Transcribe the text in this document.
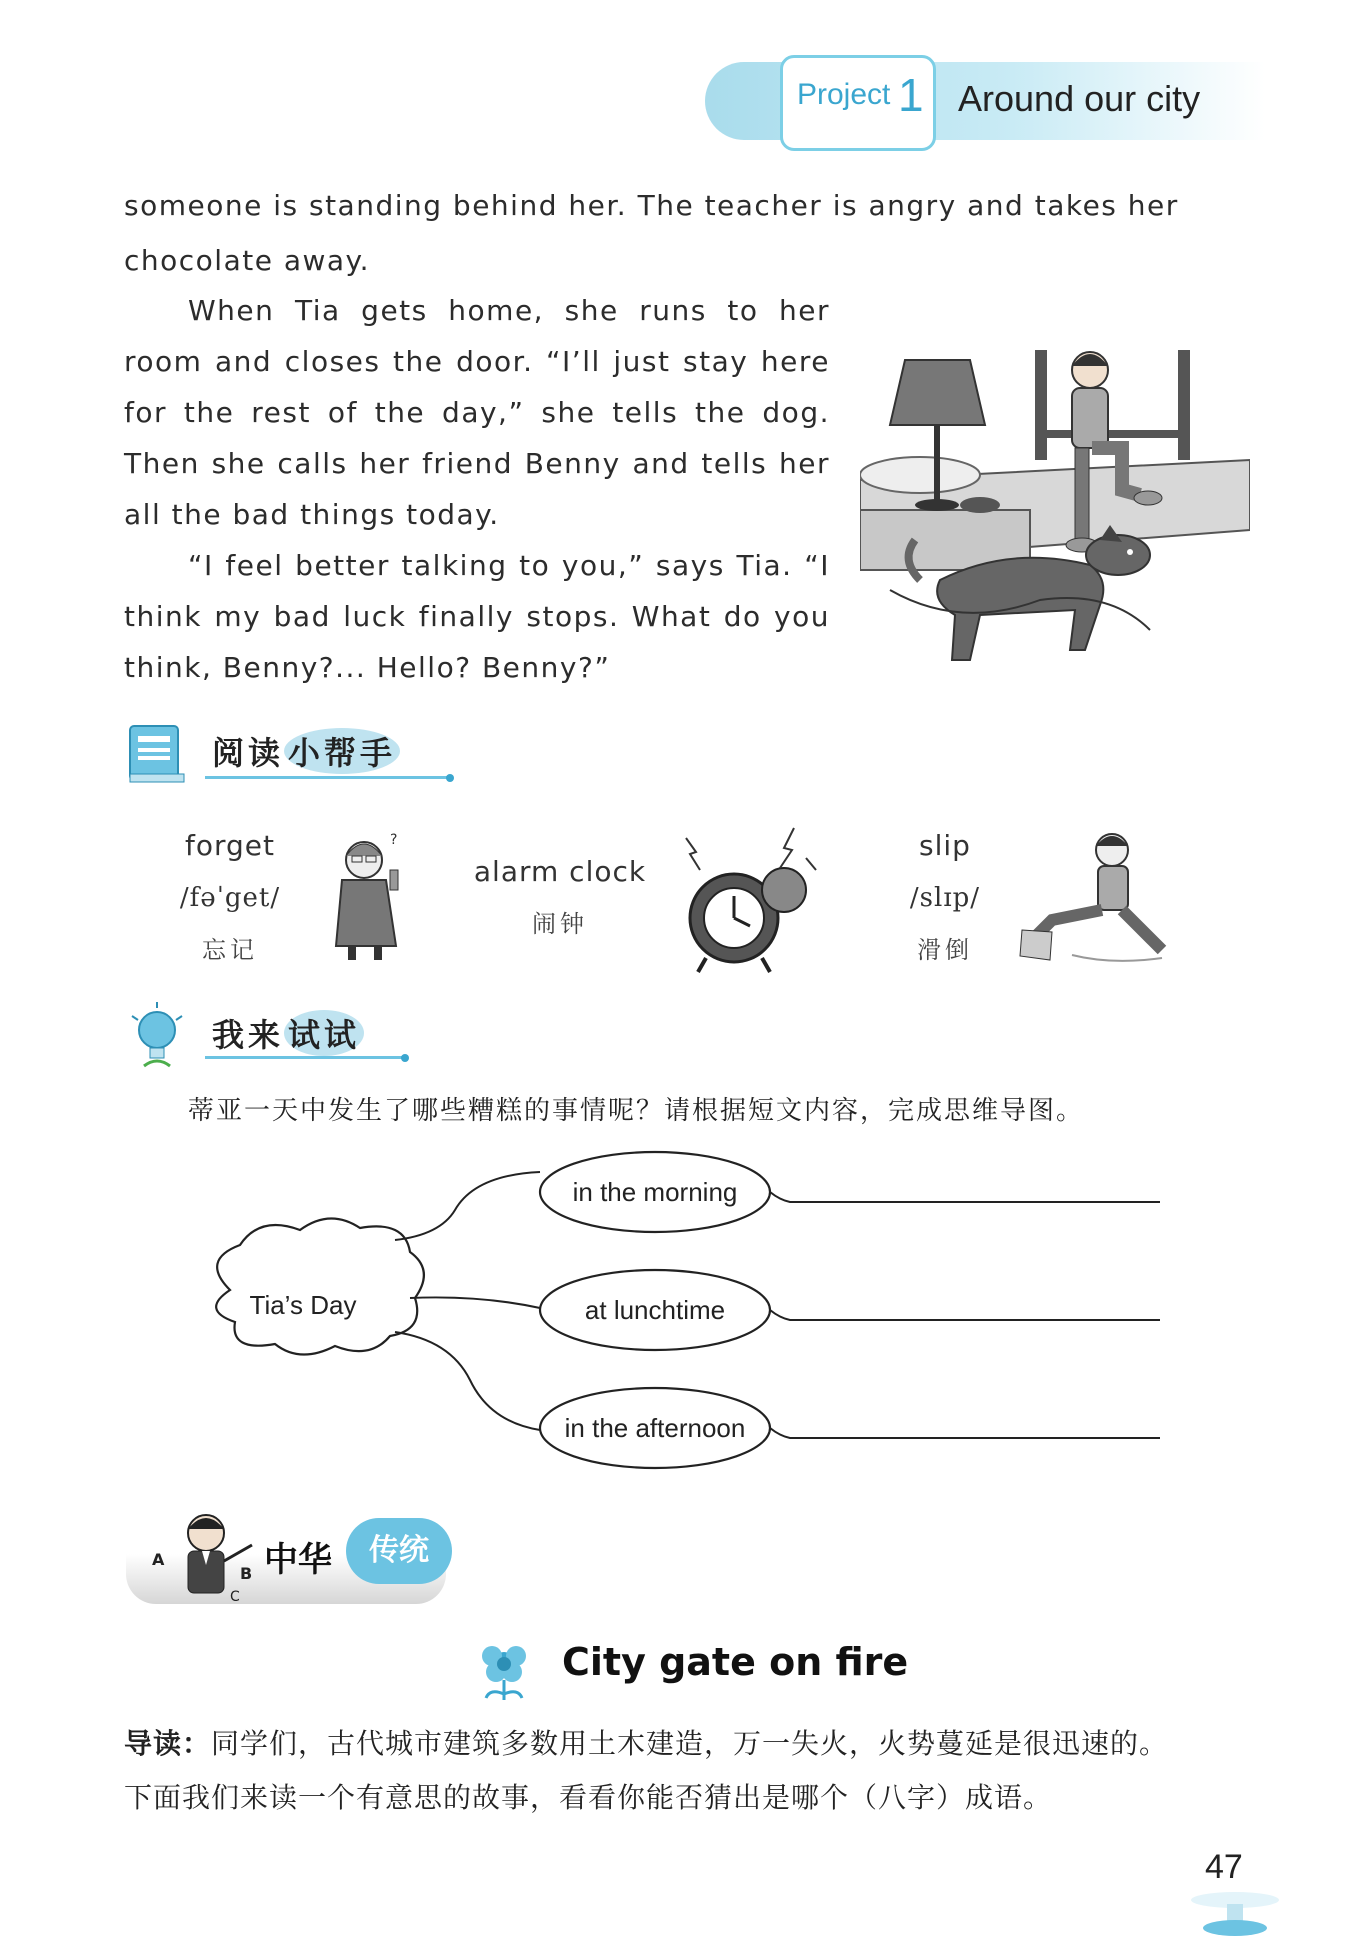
Project 1 Around our city
someone is standing behind her. The teacher is angry and takes her chocolate away.

When Tia gets home, she runs to her room and closes the door. “I’ll just stay here for the rest of the day,” she tells the dog. Then she calls her friend Benny and tells her all the bad things today.

“I feel better talking to you,” says Tia. “I think my bad luck finally stops. What do you think, Benny?... Hello? Benny?”

阅读 小帮手
forget
/fəˈget/
忘记
?
alarm clock
闹钟
slip
/slɪp/
滑倒
我来 试试
蒂亚一天中发生了哪些糟糕的事情呢？请根据短文内容，完成思维导图。
Tia’s Day
in the morning
at lunchtime
in the afternoon
A
B
C
中华	传统
City gate on fire
导读：同学们，古代城市建筑多数用土木建造，万一失火，火势蔓延是很迅速的。
下面我们来读一个有意思的故事，看看你能否猜出是哪个（八字）成语。
47
